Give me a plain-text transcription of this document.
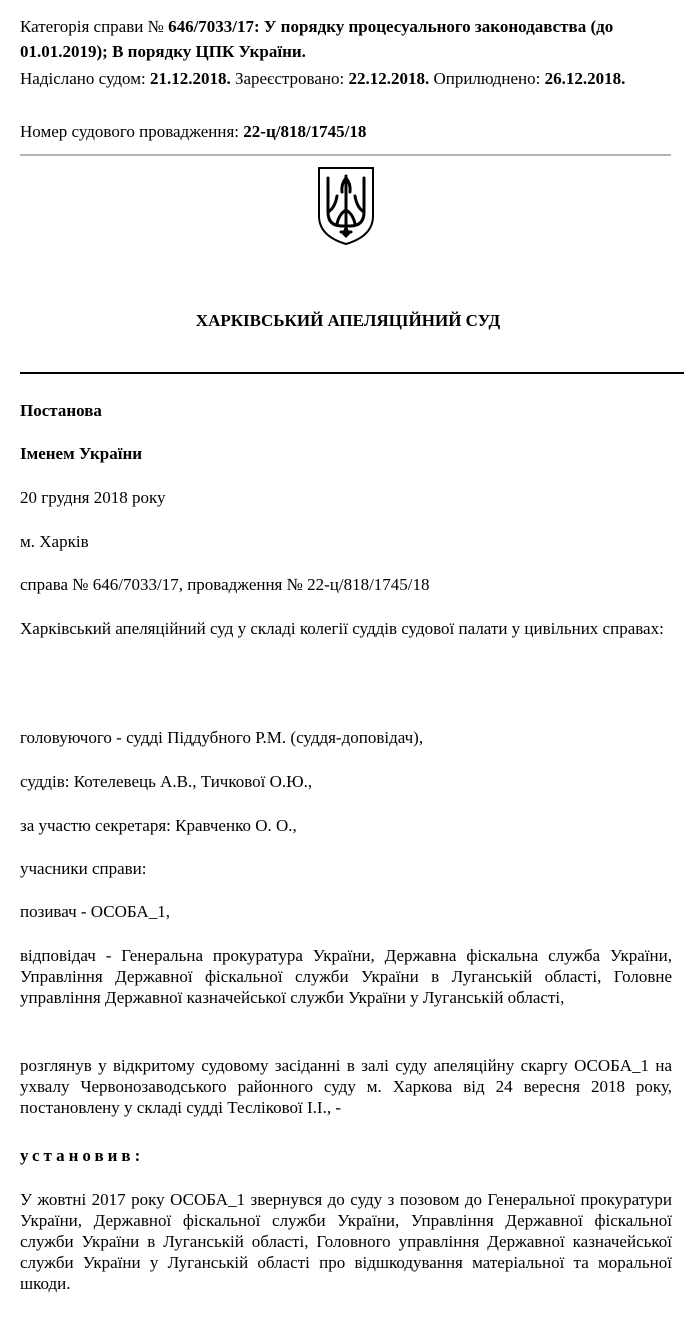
Категорія справи № 646/7033/17: У порядку процесуального законодавства (до 01.01.2019); В порядку ЦПК України.
Надіслано судом: 21.12.2018. Зареєстровано: 22.12.2018. Оприлюднено: 26.12.2018.
Номер судового провадження: 22-ц/818/1745/18
ХАРКІВСЬКИЙ АПЕЛЯЦІЙНИЙ СУД

Постанова

Іменем України

20 грудня 2018 року

м. Харків

справа № 646/7033/17, провадження № 22-ц/818/1745/18

Харківський апеляційний суд у складі колегії суддів судової палати у цивільних справах:

головуючого - судді Піддубного Р.М. (суддя-доповідач),

суддів: Котелевець А.В., Тичкової О.Ю.,

за участю секретаря: Кравченко О. О.,

учасники справи:

позивач - ОСОБА_1,

відповідач - Генеральна прокуратура України, Державна фіскальна служба України, Управління Державної фіскальної служби України в Луганській області, Головне управління Державної казначейської служби України у Луганській області,

розглянув у відкритому судовому засіданні в залі суду апеляційну скаргу ОСОБА_1 на ухвалу Червонозаводського районного суду м. Харкова від 24 вересня 2018 року, постановлену у складі судді Теслікової І.І., -

установив:

У жовтні 2017 року ОСОБА_1 звернувся до суду з позовом до Генеральної прокуратури України, Державної фіскальної служби України, Управління Державної фіскальної служби України в Луганській області, Головного управління Державної казначейської служби України у Луганській області про відшкодування матеріальної та моральної шкоди.
